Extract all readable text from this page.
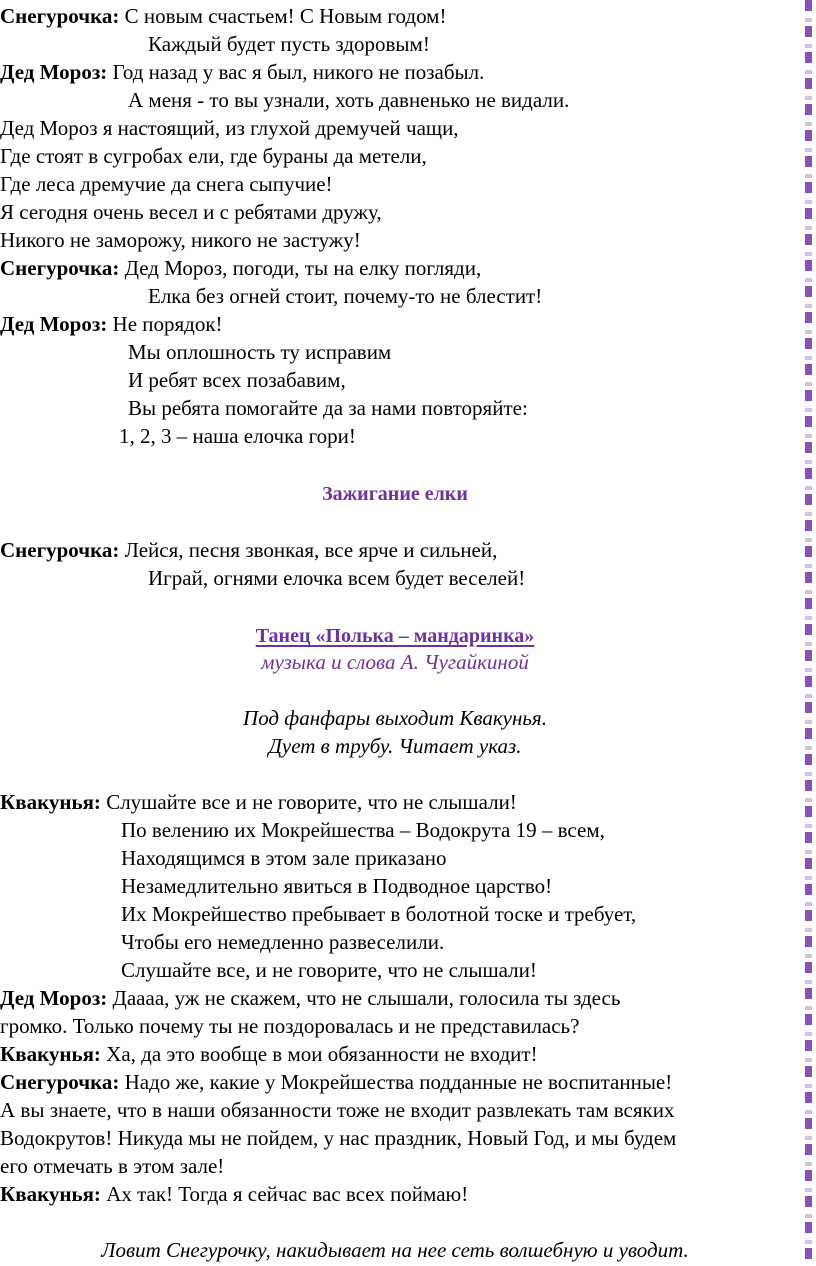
Снегурочка: С новым счастьем! С Новым годом!
Каждый будет пусть здоровым!
Дед Мороз: Год назад у вас я был, никого не позабыл.
А меня - то вы узнали, хоть давненько не видали.
Дед Мороз я настоящий, из глухой дремучей чащи,
Где стоят в сугробах ели, где бураны да метели,
Где леса дремучие да снега сыпучие!
Я сегодня очень весел и с ребятами дружу,
Никого не заморожу, никого не застужу!
Снегурочка: Дед Мороз, погоди, ты на елку погляди,
Елка без огней стоит, почему-то не блестит!
Дед Мороз: Не порядок!
Мы оплошность ту исправим
И ребят всех позабавим,
Вы ребята помогайте да за нами повторяйте:
1, 2, 3 – наша елочка гори!
Зажигание елки
Снегурочка: Лейся, песня звонкая, все ярче и сильней,
Играй, огнями елочка всем будет веселей!
Танец «Полька – мандаринка»
музыка и слова А. Чугайкиной
Под фанфары выходит Квакунья.
Дует в трубу. Читает указ.
Квакунья: Слушайте все и не говорите, что не слышали!
По велению их Мокрейшества – Водокрута 19 – всем,
Находящимся в этом зале приказано
Незамедлительно явиться в Подводное царство!
Их Мокрейшество пребывает в болотной тоске и требует,
Чтобы его немедленно развеселили.
Слушайте все, и не говорите, что не слышали!
Дед Мороз: Даааа, уж не скажем, что не слышали, голосила ты здесь
громко. Только почему ты не поздоровалась и не представилась?
Квакунья: Ха, да это вообще в мои обязанности не входит!
Снегурочка: Надо же, какие у Мокрейшества подданные не воспитанные!
А вы знаете, что в наши обязанности тоже не входит развлекать там всяких
Водокрутов! Никуда мы не пойдем, у нас праздник, Новый Год, и мы будем
его отмечать в этом зале!
Квакунья: Ах так! Тогда я сейчас вас всех поймаю!
Ловит Снегурочку, накидывает на нее сеть волшебную и уводит.
